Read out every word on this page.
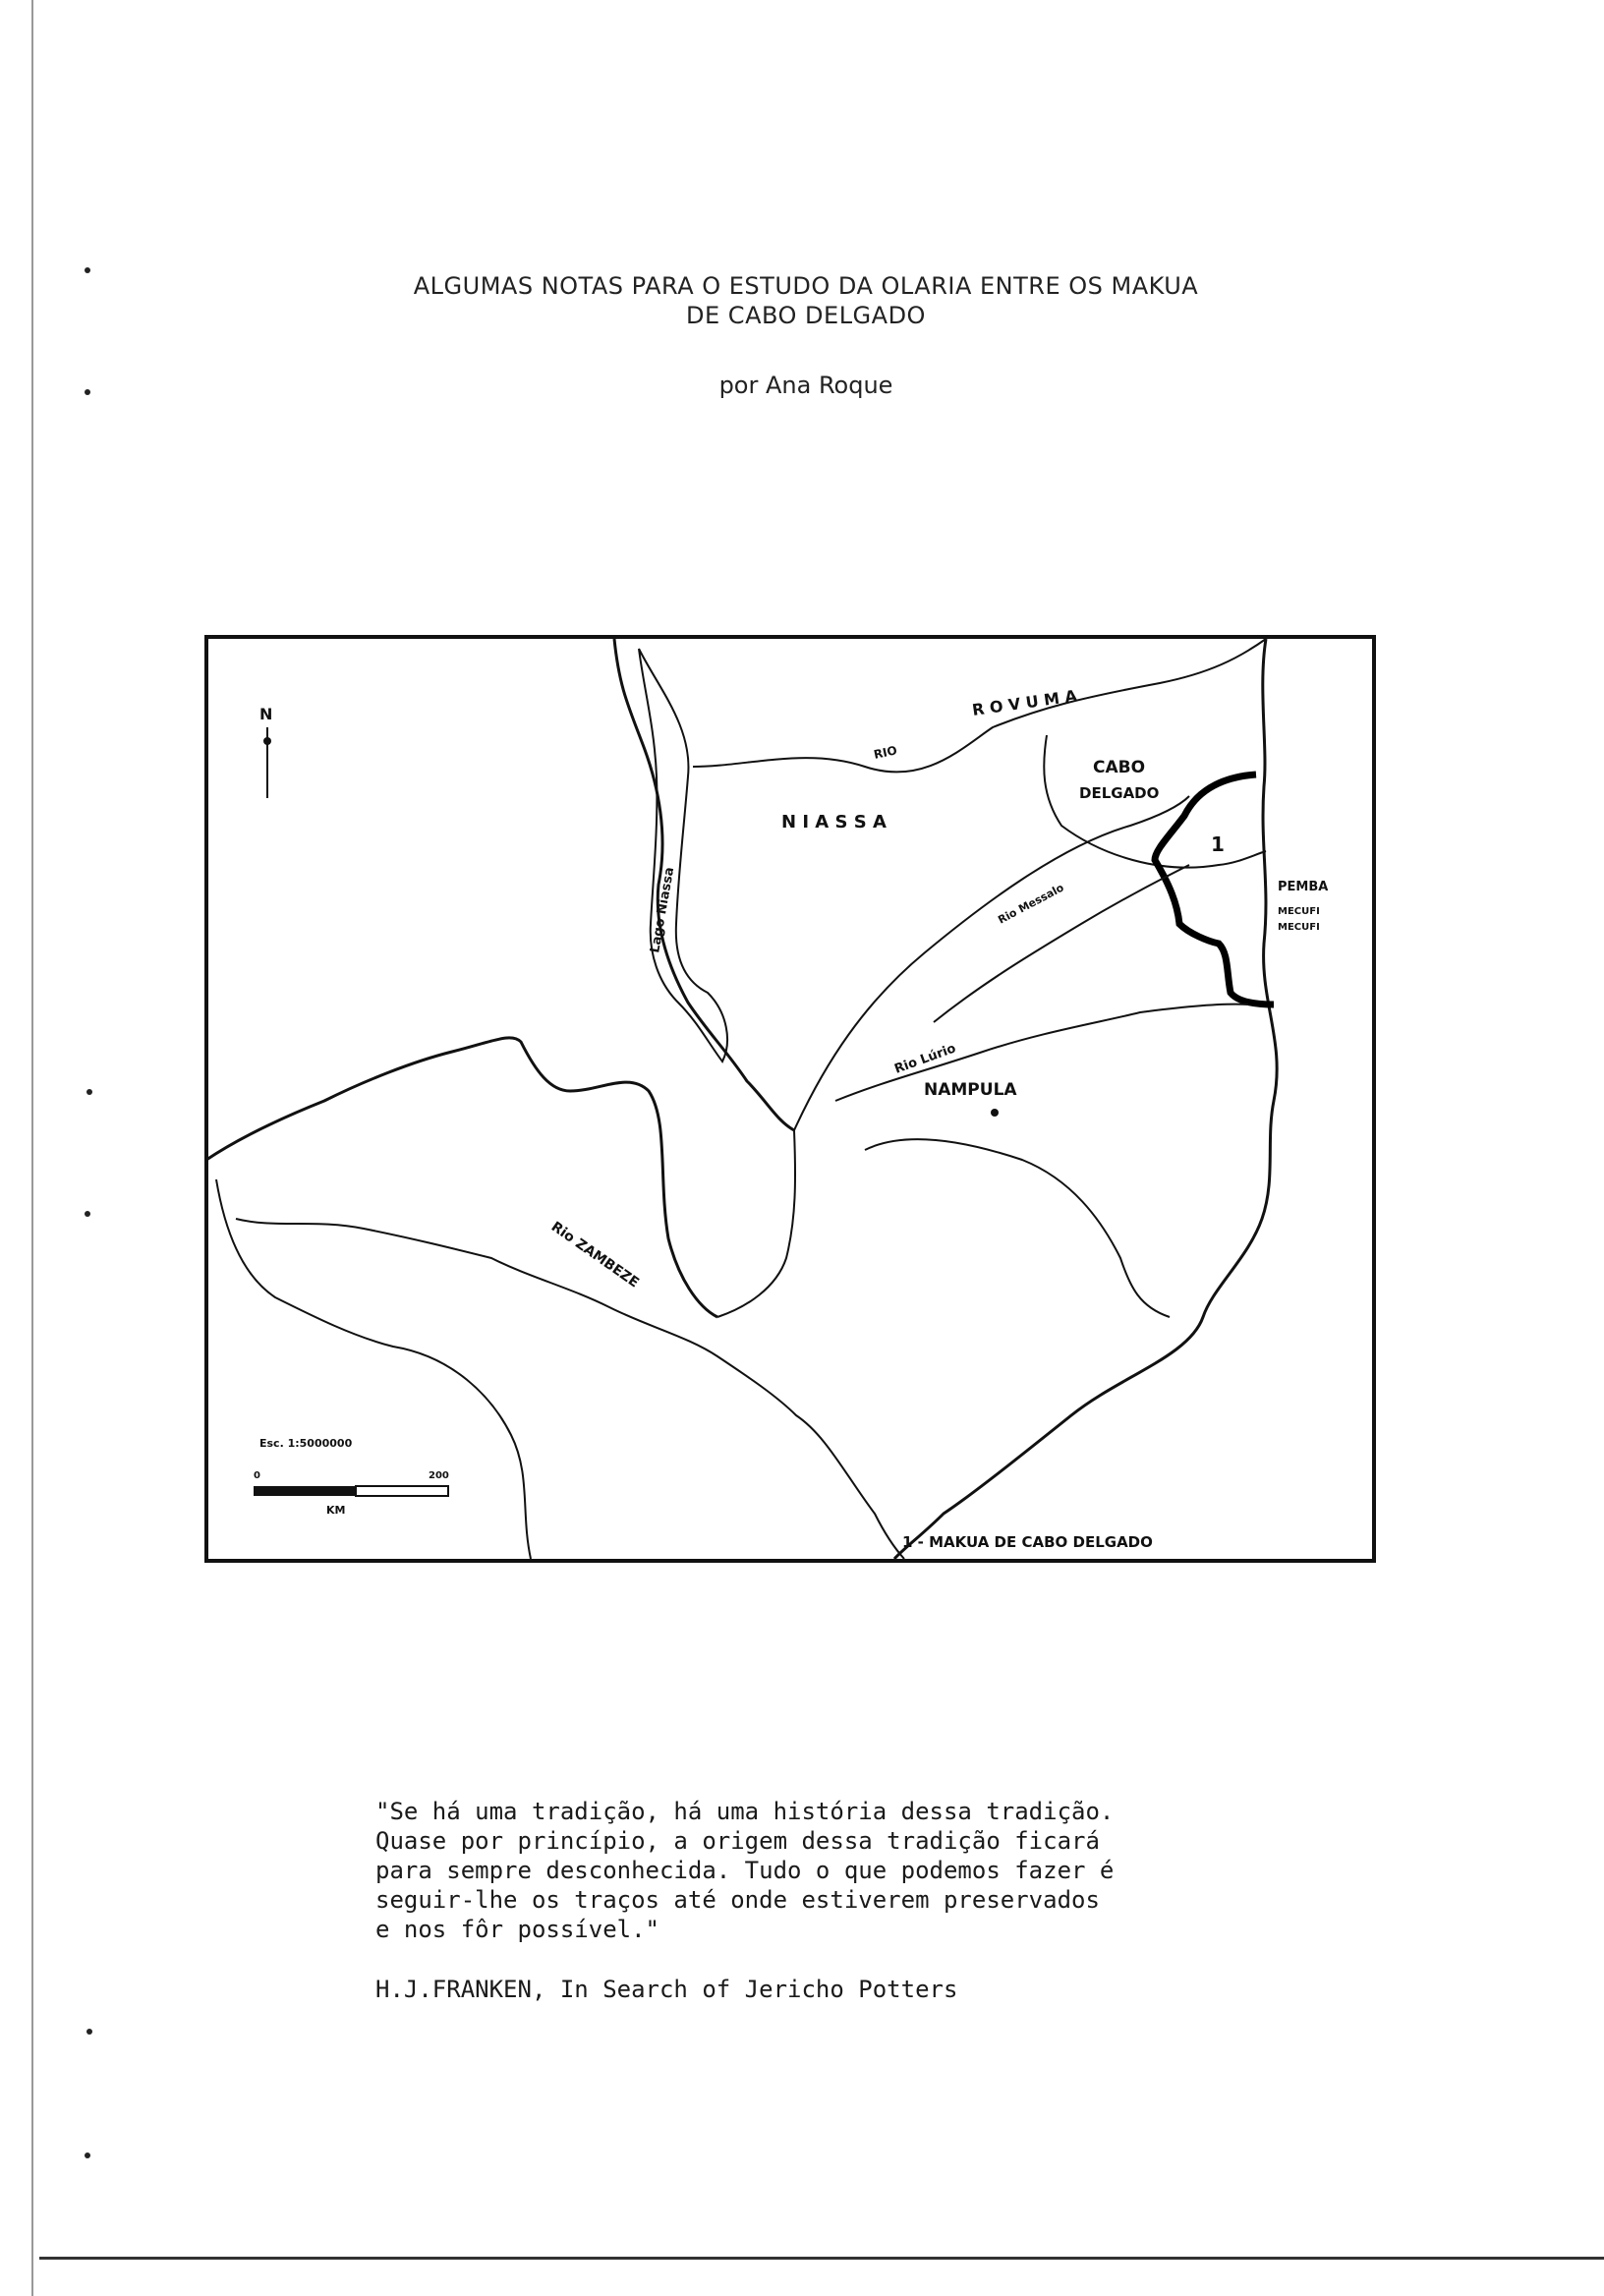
ALGUMAS NOTAS PARA O ESTUDO DA OLARIA ENTRE OS MAKUA
DE CABO DELGADO
por Ana Roque
N	R O V U M A
RIO
CABO
DELGADO
N I A S S A
Lago Niassa	Rio Messalo
1
PEMBA
MECUFI
MECUFI
Rio Lúrio
NAMPULA
Rio ZAMBEZE
Esc. 1:5000000
0	200
KM
1 - MAKUA DE CABO DELGADO
"Se há uma tradição, há uma história dessa tradição.
Quase por princípio, a origem dessa tradição ficará
para sempre desconhecida. Tudo o que podemos fazer é
seguir-lhe os traços até onde estiverem preservados
e nos fôr possível."
H.J.FRANKEN, In Search of Jericho Potters
